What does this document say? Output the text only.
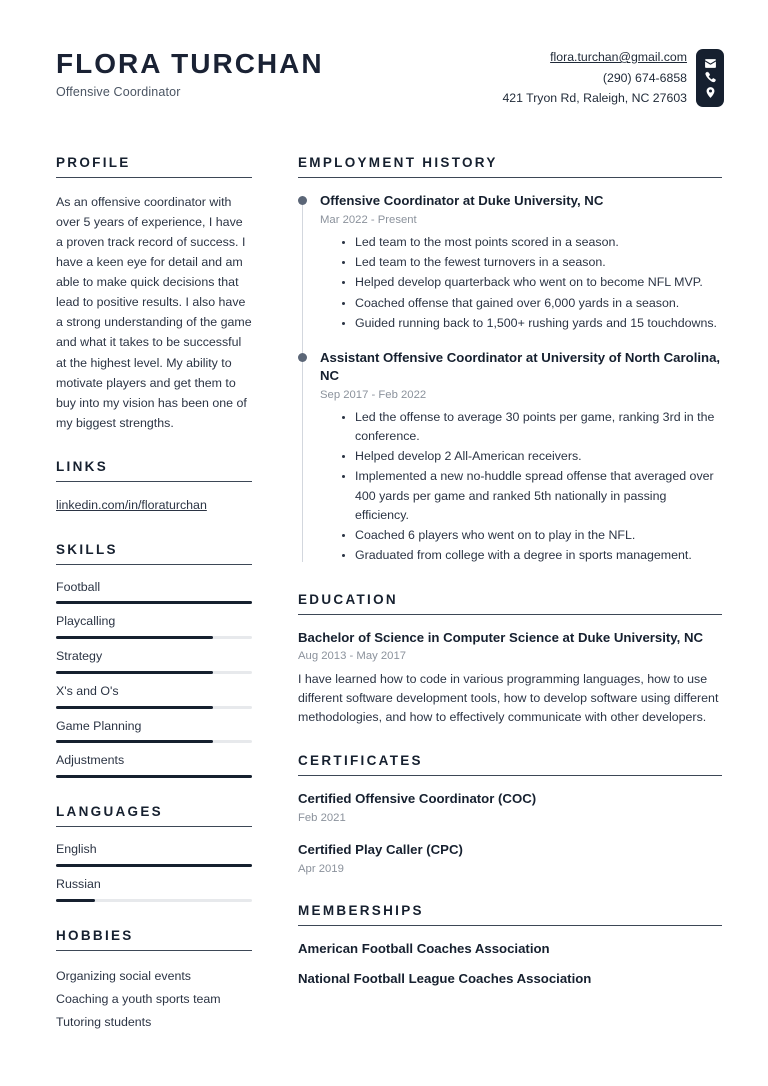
FLORA TURCHAN
Offensive Coordinator
flora.turchan@gmail.com
(290) 674-6858
421 Tryon Rd, Raleigh, NC 27603
PROFILE
As an offensive coordinator with over 5 years of experience, I have a proven track record of success. I have a keen eye for detail and am able to make quick decisions that lead to positive results. I also have a strong understanding of the game and what it takes to be successful at the highest level. My ability to motivate players and get them to buy into my vision has been one of my biggest strengths.
LINKS
linkedin.com/in/floraturchan
SKILLS
Football
Playcalling
Strategy
X's and O's
Game Planning
Adjustments
LANGUAGES
English
Russian
HOBBIES
Organizing social events
Coaching a youth sports team
Tutoring students
EMPLOYMENT HISTORY
Offensive Coordinator at Duke University, NC
Mar 2022 - Present
Led team to the most points scored in a season.
Led team to the fewest turnovers in a season.
Helped develop quarterback who went on to become NFL MVP.
Coached offense that gained over 6,000 yards in a season.
Guided running back to 1,500+ rushing yards and 15 touchdowns.
Assistant Offensive Coordinator at University of North Carolina, NC
Sep 2017 - Feb 2022
Led the offense to average 30 points per game, ranking 3rd in the conference.
Helped develop 2 All-American receivers.
Implemented a new no-huddle spread offense that averaged over 400 yards per game and ranked 5th nationally in passing efficiency.
Coached 6 players who went on to play in the NFL.
Graduated from college with a degree in sports management.
EDUCATION
Bachelor of Science in Computer Science at Duke University, NC
Aug 2013 - May 2017
I have learned how to code in various programming languages, how to use different software development tools, how to develop software using different methodologies, and how to effectively communicate with other developers.
CERTIFICATES
Certified Offensive Coordinator (COC)
Feb 2021
Certified Play Caller (CPC)
Apr 2019
MEMBERSHIPS
American Football Coaches Association
National Football League Coaches Association
